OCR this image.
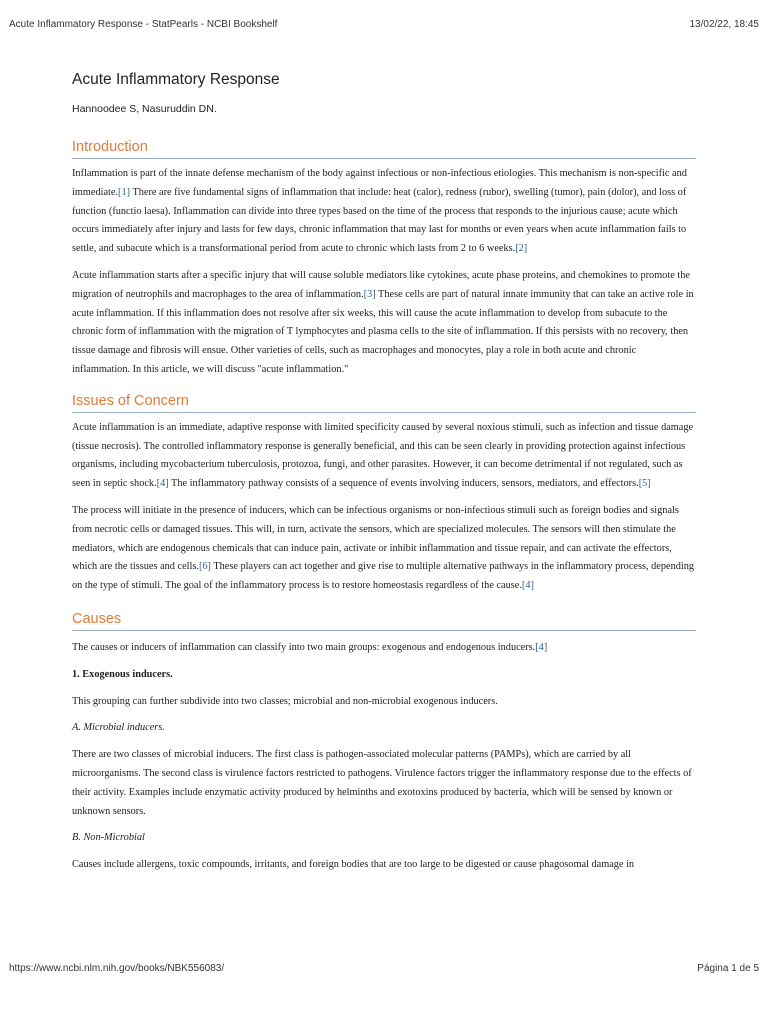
Acute Inflammatory Response - StatPearls - NCBI Bookshelf	13/02/22, 18:45
Acute Inflammatory Response
Hannoodee S, Nasuruddin DN.
Introduction

Inflammation is part of the innate defense mechanism of the body against infectious or non-infectious etiologies. This mechanism is non-specific and immediate.[1] There are five fundamental signs of inflammation that include: heat (calor), redness (rubor), swelling (tumor), pain (dolor), and loss of function (functio laesa). Inflammation can divide into three types based on the time of the process that responds to the injurious cause; acute which occurs immediately after injury and lasts for few days, chronic inflammation that may last for months or even years when acute inflammation fails to settle, and subacute which is a transformational period from acute to chronic which lasts from 2 to 6 weeks.[2]

Acute inflammation starts after a specific injury that will cause soluble mediators like cytokines, acute phase proteins, and chemokines to promote the migration of neutrophils and macrophages to the area of inflammation.[3] These cells are part of natural innate immunity that can take an active role in acute inflammation. If this inflammation does not resolve after six weeks, this will cause the acute inflammation to develop from subacute to the chronic form of inflammation with the migration of T lymphocytes and plasma cells to the site of inflammation. If this persists with no recovery, then tissue damage and fibrosis will ensue. Other varieties of cells, such as macrophages and monocytes, play a role in both acute and chronic inflammation. In this article, we will discuss "acute inflammation."

Issues of Concern

Acute inflammation is an immediate, adaptive response with limited specificity caused by several noxious stimuli, such as infection and tissue damage (tissue necrosis). The controlled inflammatory response is generally beneficial, and this can be seen clearly in providing protection against infectious organisms, including mycobacterium tuberculosis, protozoa, fungi, and other parasites. However, it can become detrimental if not regulated, such as seen in septic shock.[4] The inflammatory pathway consists of a sequence of events involving inducers, sensors, mediators, and effectors.[5]

The process will initiate in the presence of inducers, which can be infectious organisms or non-infectious stimuli such as foreign bodies and signals from necrotic cells or damaged tissues. This will, in turn, activate the sensors, which are specialized molecules. The sensors will then stimulate the mediators, which are endogenous chemicals that can induce pain, activate or inhibit inflammation and tissue repair, and can activate the effectors, which are the tissues and cells.[6] These players can act together and give rise to multiple alternative pathways in the inflammatory process, depending on the type of stimuli. The goal of the inflammatory process is to restore homeostasis regardless of the cause.[4]

Causes

The causes or inducers of inflammation can classify into two main groups: exogenous and endogenous inducers.[4]

1. Exogenous inducers.

This grouping can further subdivide into two classes; microbial and non-microbial exogenous inducers.

A. Microbial inducers.

There are two classes of microbial inducers. The first class is pathogen-associated molecular patterns (PAMPs), which are carried by all microorganisms. The second class is virulence factors restricted to pathogens. Virulence factors trigger the inflammatory response due to the effects of their activity. Examples include enzymatic activity produced by helminths and exotoxins produced by bacteria, which will be sensed by known or unknown sensors.

B. Non-Microbial

Causes include allergens, toxic compounds, irritants, and foreign bodies that are too large to be digested or cause phagosomal damage in

https://www.ncbi.nlm.nih.gov/books/NBK556083/	Página 1 de 5
